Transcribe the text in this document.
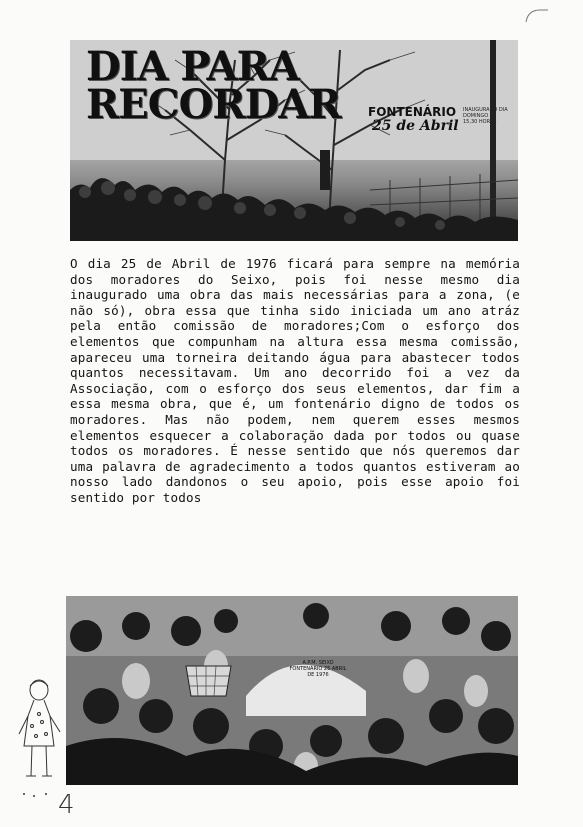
DIA PARA
RECORDAR FONTENÁRIO
25 de Abril
INAUGURADO DIA DOMINGO AS 15,30 HORAS
O dia 25 de Abril de 1976 ficará para sempre na memória dos moradores do Seixo, pois foi nesse mesmo dia inaugurado uma obra das mais necessárias para a zona, (e não só), obra essa que tinha sido iniciada um ano atráz pela então comissão de moradores;Com o esforço dos elementos que compunham na altura essa mesma comissão, apareceu uma torneira deitando água para abastecer todos quantos necessitavam. Um ano decorrido foi a vez da Associação, com o esforço dos seus elementos, dar fim a essa mesma obra, que é, um fontenário digno de todos os moradores. Mas não podem, nem querem esses mesmos elementos esquecer a colaboração dada por todos ou quase todos os moradores. É nesse sentido que nós queremos dar uma palavra de agradecimento a todos quantos estiveram ao nosso lado dandonos o seu apoio, pois esse apoio foi sentido por todos
A.P.M. SEIXO FONTENÁRIO 25 ABRIL DE 1976
4
